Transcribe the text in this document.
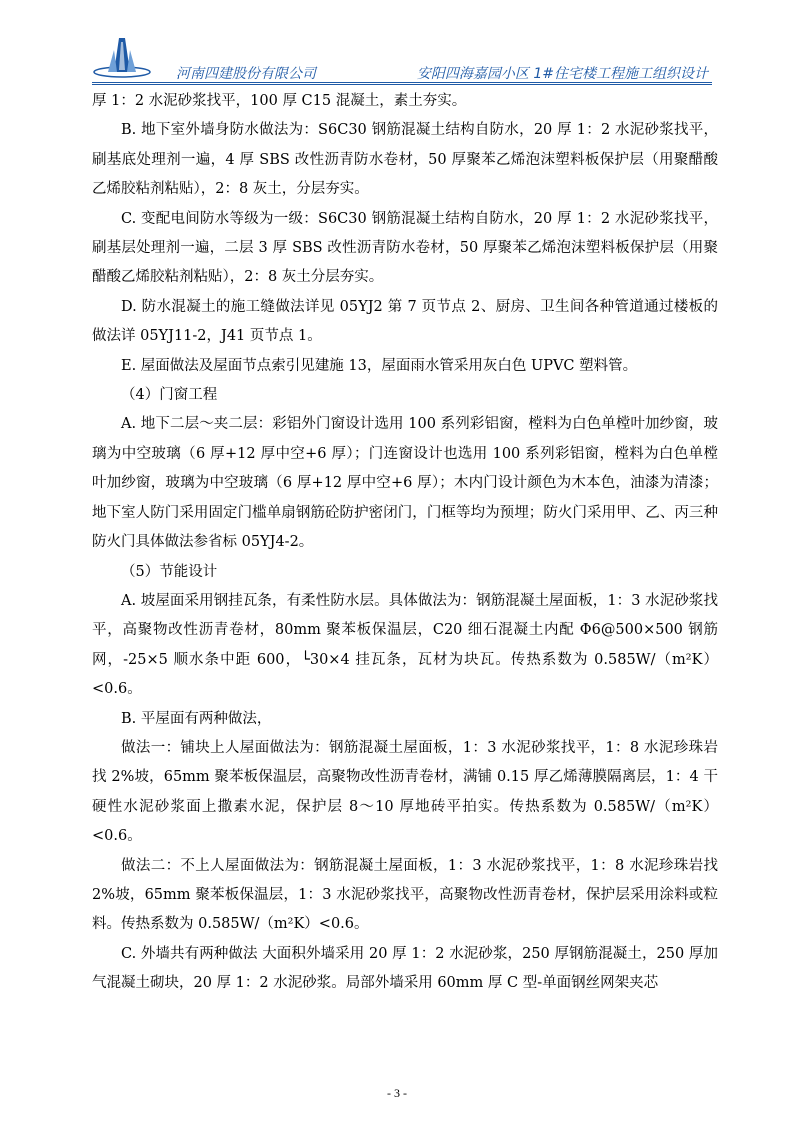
河南四建股份有限公司	安阳四海嘉园小区 1#住宅楼工程施工组织设计

厚 1：2 水泥砂浆找平，100 厚 C15 混凝土，素土夯实。

B. 地下室外墙身防水做法为：S6C30 钢筋混凝土结构自防水，20 厚 1：2 水泥砂浆找平，刷基底处理剂一遍，4 厚 SBS 改性沥青防水卷材，50 厚聚苯乙烯泡沫塑料板保护层（用聚醋酸乙烯胶粘剂粘贴），2：8 灰土，分层夯实。

C. 变配电间防水等级为一级：S6C30 钢筋混凝土结构自防水，20 厚 1：2 水泥砂浆找平，刷基层处理剂一遍，二层 3 厚 SBS 改性沥青防水卷材，50 厚聚苯乙烯泡沫塑料板保护层（用聚醋酸乙烯胶粘剂粘贴），2：8 灰土分层夯实。

D. 防水混凝土的施工缝做法详见 05YJ2 第 7 页节点 2、厨房、卫生间各种管道通过楼板的做法详 05YJ11-2，J41 页节点 1。

E. 屋面做法及屋面节点索引见建施 13，屋面雨水管采用灰白色 UPVC 塑料管。

（4）门窗工程

A. 地下二层～夹二层：彩铝外门窗设计选用 100 系列彩铝窗，樘料为白色单樘叶加纱窗，玻璃为中空玻璃（6 厚+12 厚中空+6 厚）；门连窗设计也选用 100 系列彩铝窗，樘料为白色单樘叶加纱窗，玻璃为中空玻璃（6 厚+12 厚中空+6 厚）；木内门设计颜色为木本色，油漆为清漆；地下室人防门采用固定门槛单扇钢筋砼防护密闭门，门框等均为预埋；防火门采用甲、乙、丙三种防火门具体做法参省标 05YJ4-2。

（5）节能设计

A. 坡屋面采用钢挂瓦条，有柔性防水层。具体做法为：钢筋混凝土屋面板，1：3 水泥砂浆找平，高聚物改性沥青卷材，80mm 聚苯板保温层，C20 细石混凝土内配 Φ6@500×500 钢筋网，-25×5 顺水条中距 600，└30×4 挂瓦条，瓦材为块瓦。传热系数为 0.585W/（m²K）<0.6。

B. 平屋面有两种做法，

做法一：铺块上人屋面做法为：钢筋混凝土屋面板，1：3 水泥砂浆找平，1：8 水泥珍珠岩找 2%坡，65mm 聚苯板保温层，高聚物改性沥青卷材，满铺 0.15 厚乙烯薄膜隔离层，1：4 干硬性水泥砂浆面上撒素水泥，保护层 8～10 厚地砖平拍实。传热系数为 0.585W/（m²K）<0.6。

做法二：不上人屋面做法为：钢筋混凝土屋面板，1：3 水泥砂浆找平，1：8 水泥珍珠岩找 2%坡，65mm 聚苯板保温层，1：3 水泥砂浆找平，高聚物改性沥青卷材，保护层采用涂料或粒料。传热系数为 0.585W/（m²K）<0.6。

C. 外墙共有两种做法 大面积外墙采用 20 厚 1：2 水泥砂浆，250 厚钢筋混凝土，250 厚加气混凝土砌块，20 厚 1：2 水泥砂浆。局部外墙采用 60mm 厚 C 型-单面钢丝网架夹芯

- 3 -
